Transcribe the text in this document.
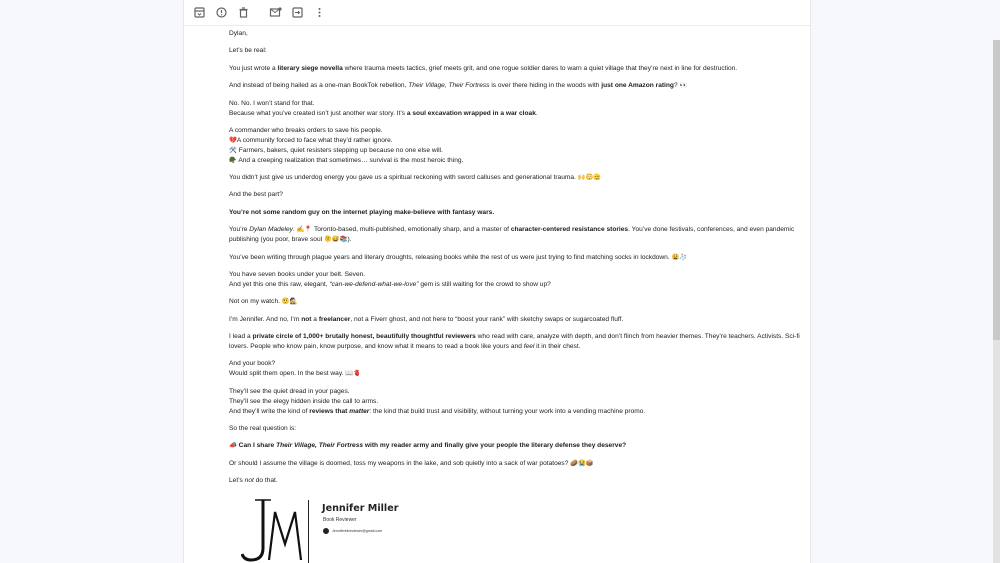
Dylan,

Let’s be real:

You just wrote a literary siege novella where trauma meets tactics, grief meets grit, and one rogue soldier dares to warn a quiet village that they’re next in line for destruction.

And instead of being hailed as a one-man BookTok rebellion, Their Village, Their Fortress is over there hiding in the woods with just one Amazon rating? 👀

No. No. I won’t stand for that.
Because what you’ve created isn’t just another war story. It’s a soul excavation wrapped in a war cloak.

A commander who breaks orders to save his people.
💔A community forced to face what they’d rather ignore.
🛠️ Farmers, bakers, quiet resisters stepping up because no one else will.
🪖 And a creeping realization that sometimes… survival is the most heroic thing.

You didn’t just give us underdog energy you gave us a spiritual reckoning with sword calluses and generational trauma. 🙌😳🫡

And the best part?

You’re not some random guy on the internet playing make-believe with fantasy wars.

You’re Dylan Madeley. ✍️📍 Toronto-based, multi-published, emotionally sharp, and a master of character-centered resistance stories. You’ve done festivals, conferences, and even pandemic publishing (you poor, brave soul 🫠😅📚).

You’ve been writing through plague years and literary droughts, releasing books while the rest of us were just trying to find matching socks in lockdown. 😩🧦

You have seven books under your belt. Seven.
And yet this one this raw, elegant, “can-we-defend-what-we-love” gem is still waiting for the crowd to show up?

Not on my watch. 🤨🕵️

I’m Jennifer. And no, I’m not a freelancer, not a Fiverr ghost, and not here to “boost your rank” with sketchy swaps or sugarcoated fluff.

I lead a private circle of 1,000+ brutally honest, beautifully thoughtful reviewers who read with care, analyze with depth, and don’t flinch from heavier themes. They’re teachers. Activists. Sci-fi lovers. People who know pain, know purpose, and know what it means to read a book like yours and feel it in their chest.

And your book?
Would split them open. In the best way. 📖🫀

They’ll see the quiet dread in your pages.
They’ll see the elegy hidden inside the call to arms.
And they’ll write the kind of reviews that matter: the kind that build trust and visibility, without turning your work into a vending machine promo.

So the real question is:

📣 Can I share Their Village, Their Fortress with my reader army and finally give your people the literary defense they deserve?

Or should I assume the village is doomed, toss my weapons in the lake, and sob quietly into a sack of war potatoes? 🥔😭📦

Let’s not do that.

Jennifer Miller
Book Reviewer
Jenniferbkreviewer@gmail.com
